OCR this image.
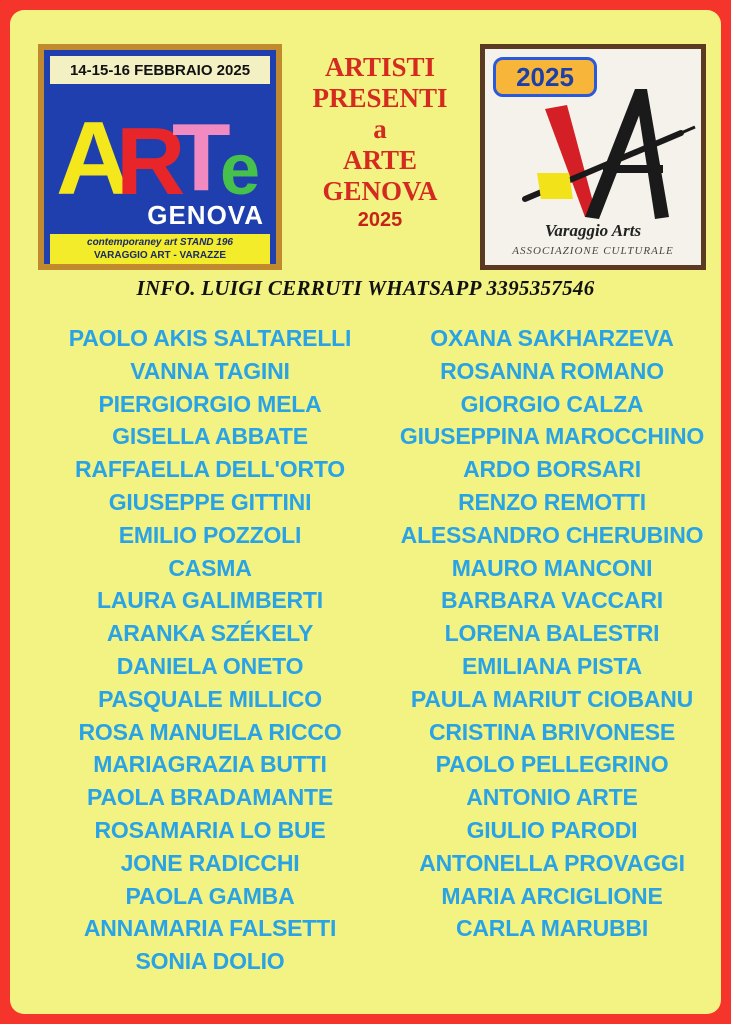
14-15-16 FEBBRAIO 2025
A
R
T
e
GENOVA
contemporaney art STAND 196
VARAGGIO ART - VARAZZE
ARTISTI
PRESENTI
a
ARTE
GENOVA
2025
2025
Varaggio Arts
ASSOCIAZIONE CULTURALE
INFO. LUIGI CERRUTI WHATSAPP 3395357546
PAOLO AKIS SALTARELLI
VANNA TAGINI
PIERGIORGIO MELA
GISELLA ABBATE
RAFFAELLA DELL'ORTO
GIUSEPPE GITTINI
EMILIO POZZOLI
CASMA
LAURA GALIMBERTI
ARANKA SZÉKELY
DANIELA ONETO
PASQUALE MILLICO
ROSA MANUELA RICCO
MARIAGRAZIA BUTTI
PAOLA BRADAMANTE
ROSAMARIA LO BUE
JONE RADICCHI
PAOLA GAMBA
ANNAMARIA FALSETTI
SONIA DOLIO
OXANA SAKHARZEVA
ROSANNA ROMANO
GIORGIO CALZA
GIUSEPPINA MAROCCHINO
ARDO BORSARI
RENZO REMOTTI
ALESSANDRO CHERUBINO
MAURO MANCONI
BARBARA VACCARI
LORENA BALESTRI
EMILIANA PISTA
PAULA MARIUT CIOBANU
CRISTINA BRIVONESE
PAOLO PELLEGRINO
ANTONIO ARTE
GIULIO PARODI
ANTONELLA PROVAGGI
MARIA ARCIGLIONE
CARLA MARUBBI
